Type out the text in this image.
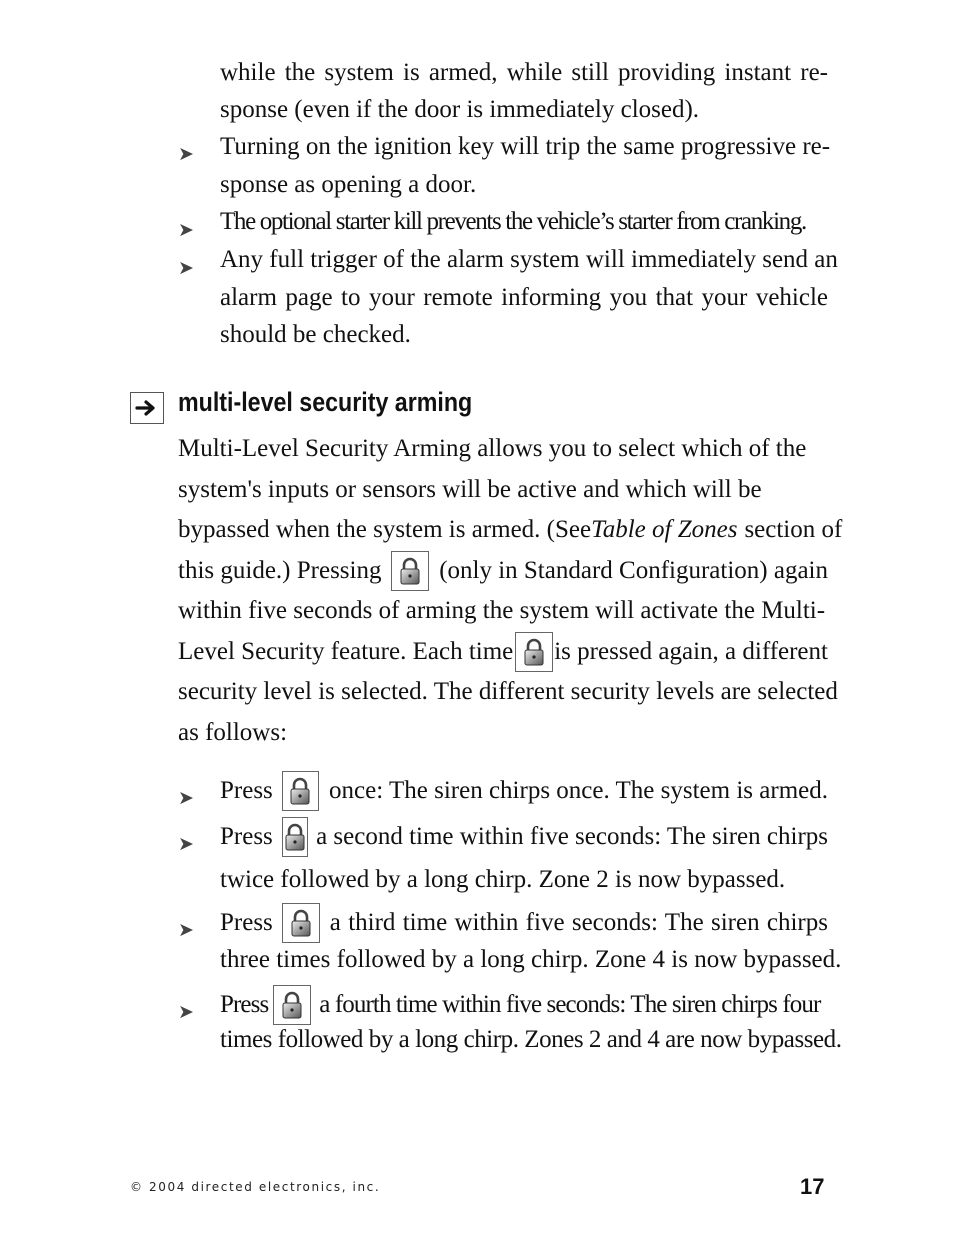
while the system is armed, while still providing instant re-
sponse (even if the door is immediately closed).
➤ Turning on the ignition key will trip the same progressive re-
sponse as opening a door.
➤ The optional starter kill prevents the vehicle’s starter from cranking.
➤ Any full trigger of the alarm system will immediately send an
alarm page to your remote informing you that your vehicle
should be checked.
multi-level security arming
Multi-Level Security Arming allows you to select which of the
system's inputs or sensors will be active and which will be
bypassed when the system is armed. (See Table of Zones section of
this guide.) Pressing (only in Standard Configuration) again
within five seconds of arming the system will activate the Multi-
Level Security feature. Each time is pressed again, a different
security level is selected. The different security levels are selected
as follows:
➤ Press once: The siren chirps once. The system is armed.
➤ Press a second time within five seconds: The siren chirps
twice followed by a long chirp. Zone 2 is now bypassed.
➤ Press a third time within five seconds: The siren chirps
three times followed by a long chirp. Zone 4 is now bypassed.
➤ Press a fourth time within five seconds: The siren chirps four
times followed by a long chirp. Zones 2 and 4 are now bypassed.
© 2004 directed electronics, inc.	17
